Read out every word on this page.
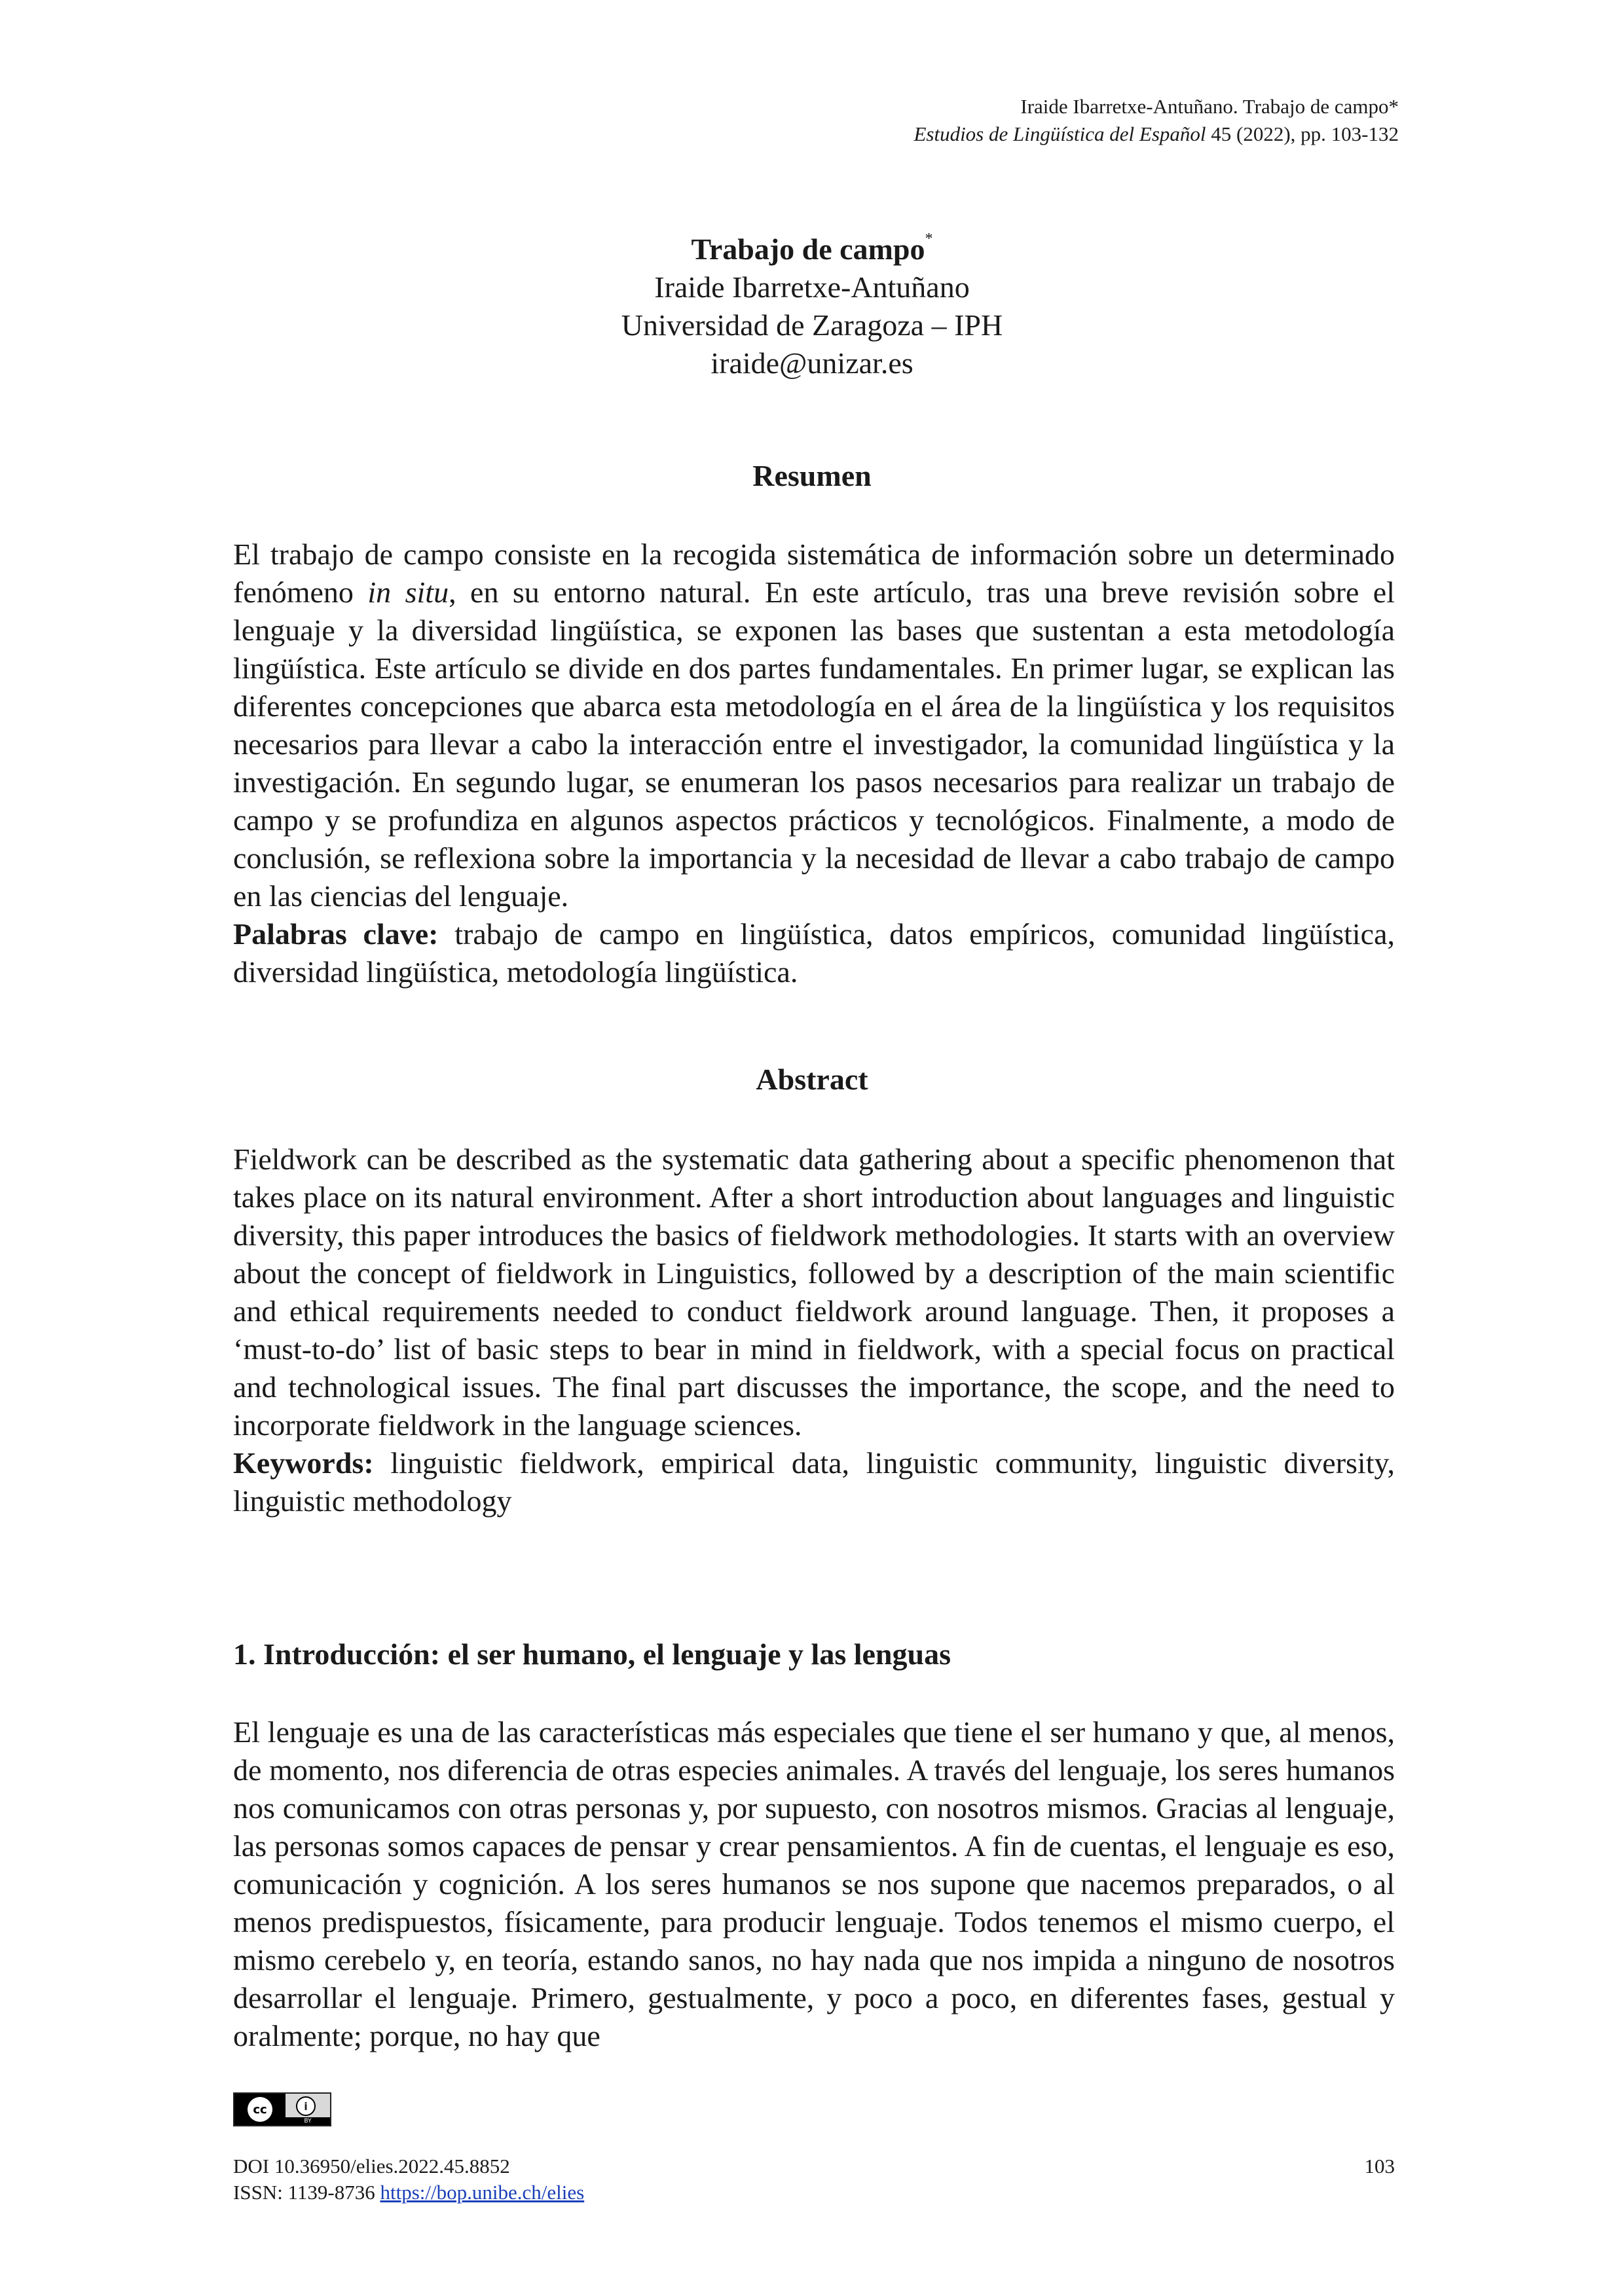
Iraide Ibarretxe-Antuñano. Trabajo de campo*
Estudios de Lingüística del Español 45 (2022), pp. 103-132
Trabajo de campo*
Iraide Ibarretxe-Antuñano
Universidad de Zaragoza – IPH
iraide@unizar.es
Resumen

El trabajo de campo consiste en la recogida sistemática de información sobre un determinado fenómeno in situ, en su entorno natural. En este artículo, tras una breve revisión sobre el lenguaje y la diversidad lingüística, se exponen las bases que sustentan a esta metodología lingüística. Este artículo se divide en dos partes fundamentales. En primer lugar, se explican las diferentes concepciones que abarca esta metodología en el área de la lingüística y los requisitos necesarios para llevar a cabo la interacción entre el investigador, la comunidad lingüística y la investigación. En segundo lugar, se enumeran los pasos necesarios para realizar un trabajo de campo y se profundiza en algunos aspectos prácticos y tecnológicos. Finalmente, a modo de conclusión, se reflexiona sobre la importancia y la necesidad de llevar a cabo trabajo de campo en las ciencias del lenguaje.

Palabras clave: trabajo de campo en lingüística, datos empíricos, comunidad lingüística, diversidad lingüística, metodología lingüística.

Abstract

Fieldwork can be described as the systematic data gathering about a specific phenomenon that takes place on its natural environment. After a short introduction about languages and linguistic diversity, this paper introduces the basics of fieldwork methodologies. It starts with an overview about the concept of fieldwork in Linguistics, followed by a description of the main scientific and ethical requirements needed to conduct fieldwork around language. Then, it proposes a ‘must-to-do’ list of basic steps to bear in mind in fieldwork, with a special focus on practical and technological issues. The final part discusses the importance, the scope, and the need to incorporate fieldwork in the language sciences.

Keywords: linguistic fieldwork, empirical data, linguistic community, linguistic diversity, linguistic methodology

1. Introducción: el ser humano, el lenguaje y las lenguas

El lenguaje es una de las características más especiales que tiene el ser humano y que, al menos, de momento, nos diferencia de otras especies animales. A través del lenguaje, los seres humanos nos comunicamos con otras personas y, por supuesto, con nosotros mismos. Gracias al lenguaje, las personas somos capaces de pensar y crear pensamientos. A fin de cuentas, el lenguaje es eso, comunicación y cognición. A los seres humanos se nos supone que nacemos preparados, o al menos predispuestos, físicamente, para producir lenguaje. Todos tenemos el mismo cuerpo, el mismo cerebelo y, en teoría, estando sanos, no hay nada que nos impida a ninguno de nosotros desarrollar el lenguaje. Primero, gestualmente, y poco a poco, en diferentes fases, gestual y oralmente; porque, no hay que

cc	i
BY
DOI 10.36950/elies.2022.45.8852
ISSN: 1139-8736 https://bop.unibe.ch/elies
103
